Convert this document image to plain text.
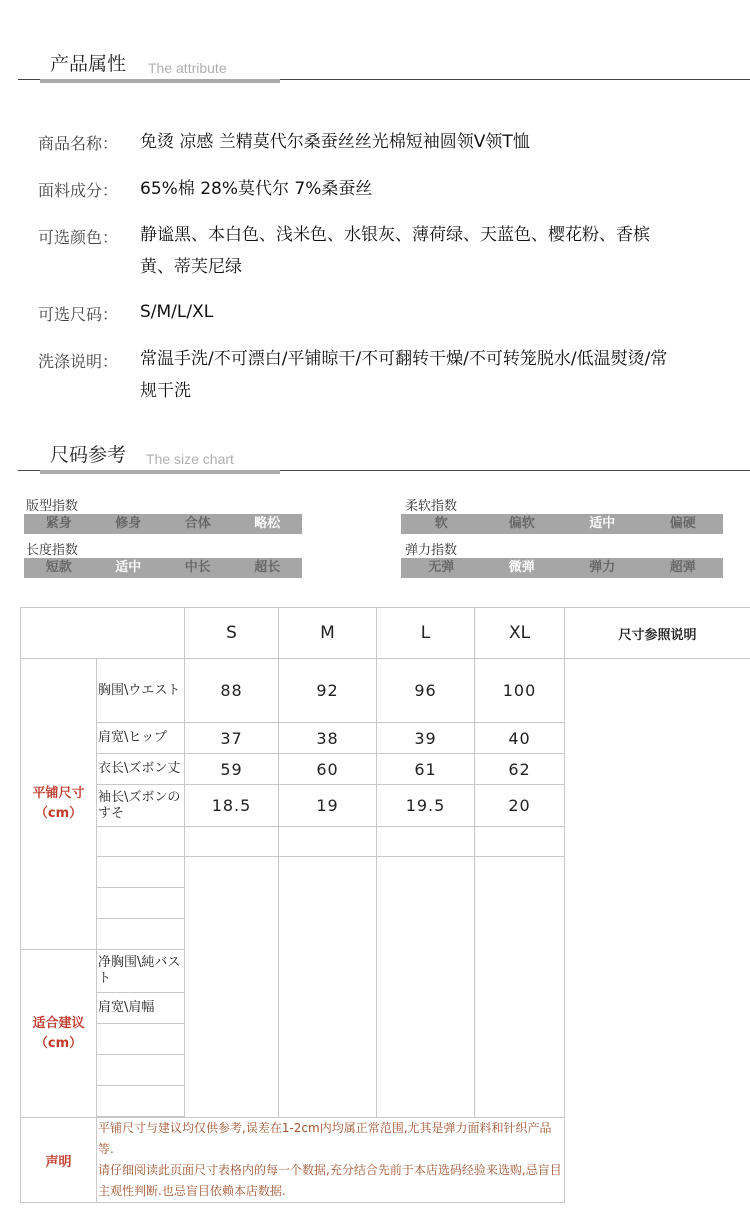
产品属性 The attribute
商品名称： 免烫 凉感 兰精莫代尔桑蚕丝丝光棉短袖圆领V领T恤
面料成分： 65%棉 28%莫代尔 7%桑蚕丝
可选颜色： 静谧黑、本白色、浅米色、水银灰、薄荷绿、天蓝色、樱花粉、香槟黄、蒂芙尼绿
可选尺码： S/M/L/XL
洗涤说明： 常温手洗/不可漂白/平铺晾干/不可翻转干燥/不可转笼脱水/低温熨烫/常规干洗
尺码参考 The size chart
版型指数
紧身	修身	合体	略松
长度指数
短款	适中	中长	超长
柔软指数
软	偏软	适中	偏硬
弹力指数
无弹	微弹	弹力	超弹
		S	M	L	XL	尺寸参照说明
平铺尺寸
（cm）	胸围\ウエスト	88	92	96	100	
	肩宽\ヒップ	37	38	39	40	
	衣长\ズボン丈	59	60	61	62	
	袖长\ズボンのすそ	18.5	19	19.5	20	

适合建议
（cm）	净胸围\純バスト					
	肩宽\肩幅					

声明	平铺尺寸与建议均仅供参考,误差在1-2cm内均属正常范围,尤其是弹力面料和针织产品等.
请仔细阅读此页面尺寸表格内的每一个数据,充分结合先前于本店选码经验来选购,忌盲目主观性判断.也忌盲目依赖本店数据.					
